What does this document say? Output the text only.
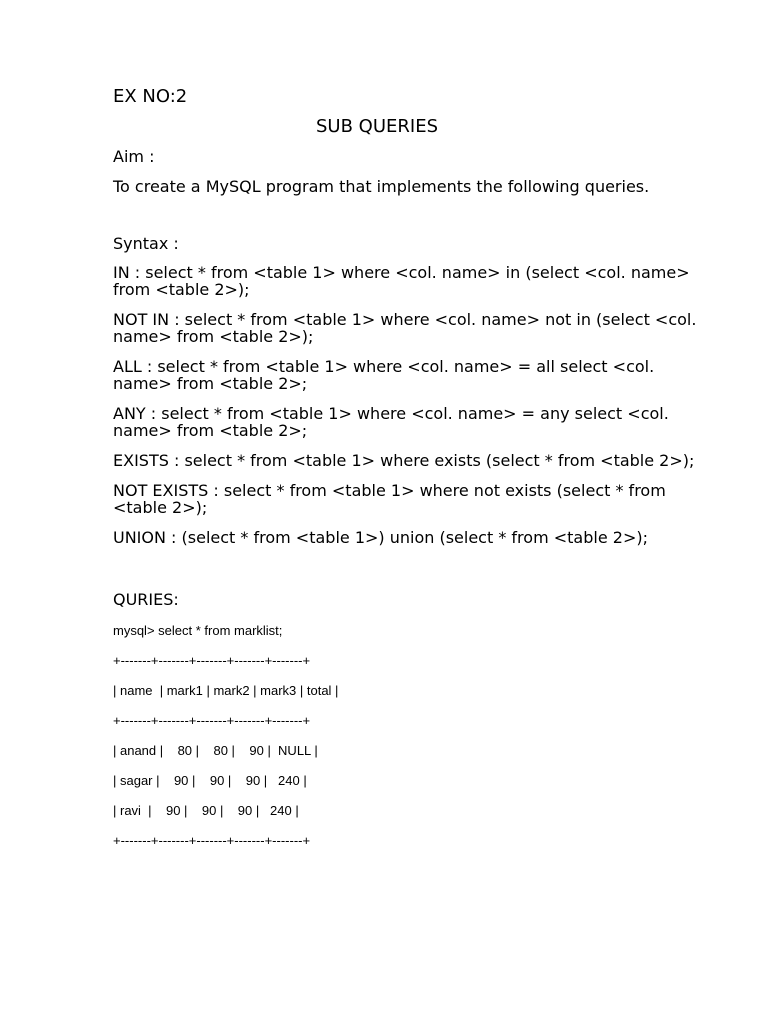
EX NO:2

SUB QUERIES

Aim :

To create a MySQL program that implements the following queries.

Syntax :

IN : select * from <table 1> where <col. name> in (select <col. name> from <table 2>);

NOT IN : select * from <table 1> where <col. name> not in (select <col. name> from <table 2>);

ALL : select * from <table 1> where <col. name> = all select <col. name> from <table 2>;

ANY : select * from <table 1> where <col. name> = any select <col. name> from <table 2>;

EXISTS : select * from <table 1> where exists (select * from <table 2>);

NOT EXISTS : select * from <table 1> where not exists (select * from <table 2>);

UNION : (select * from <table 1>) union (select * from <table 2>);

QURIES:

mysql> select * from marklist;
+-------+-------+-------+-------+-------+
| name  | mark1 | mark2 | mark3 | total |
+-------+-------+-------+-------+-------+
| anand |    80 |    80 |    90 |  NULL |
| sagar |    90 |    90 |    90 |   240 |
| ravi  |    90 |    90 |    90 |   240 |
+-------+-------+-------+-------+-------+
